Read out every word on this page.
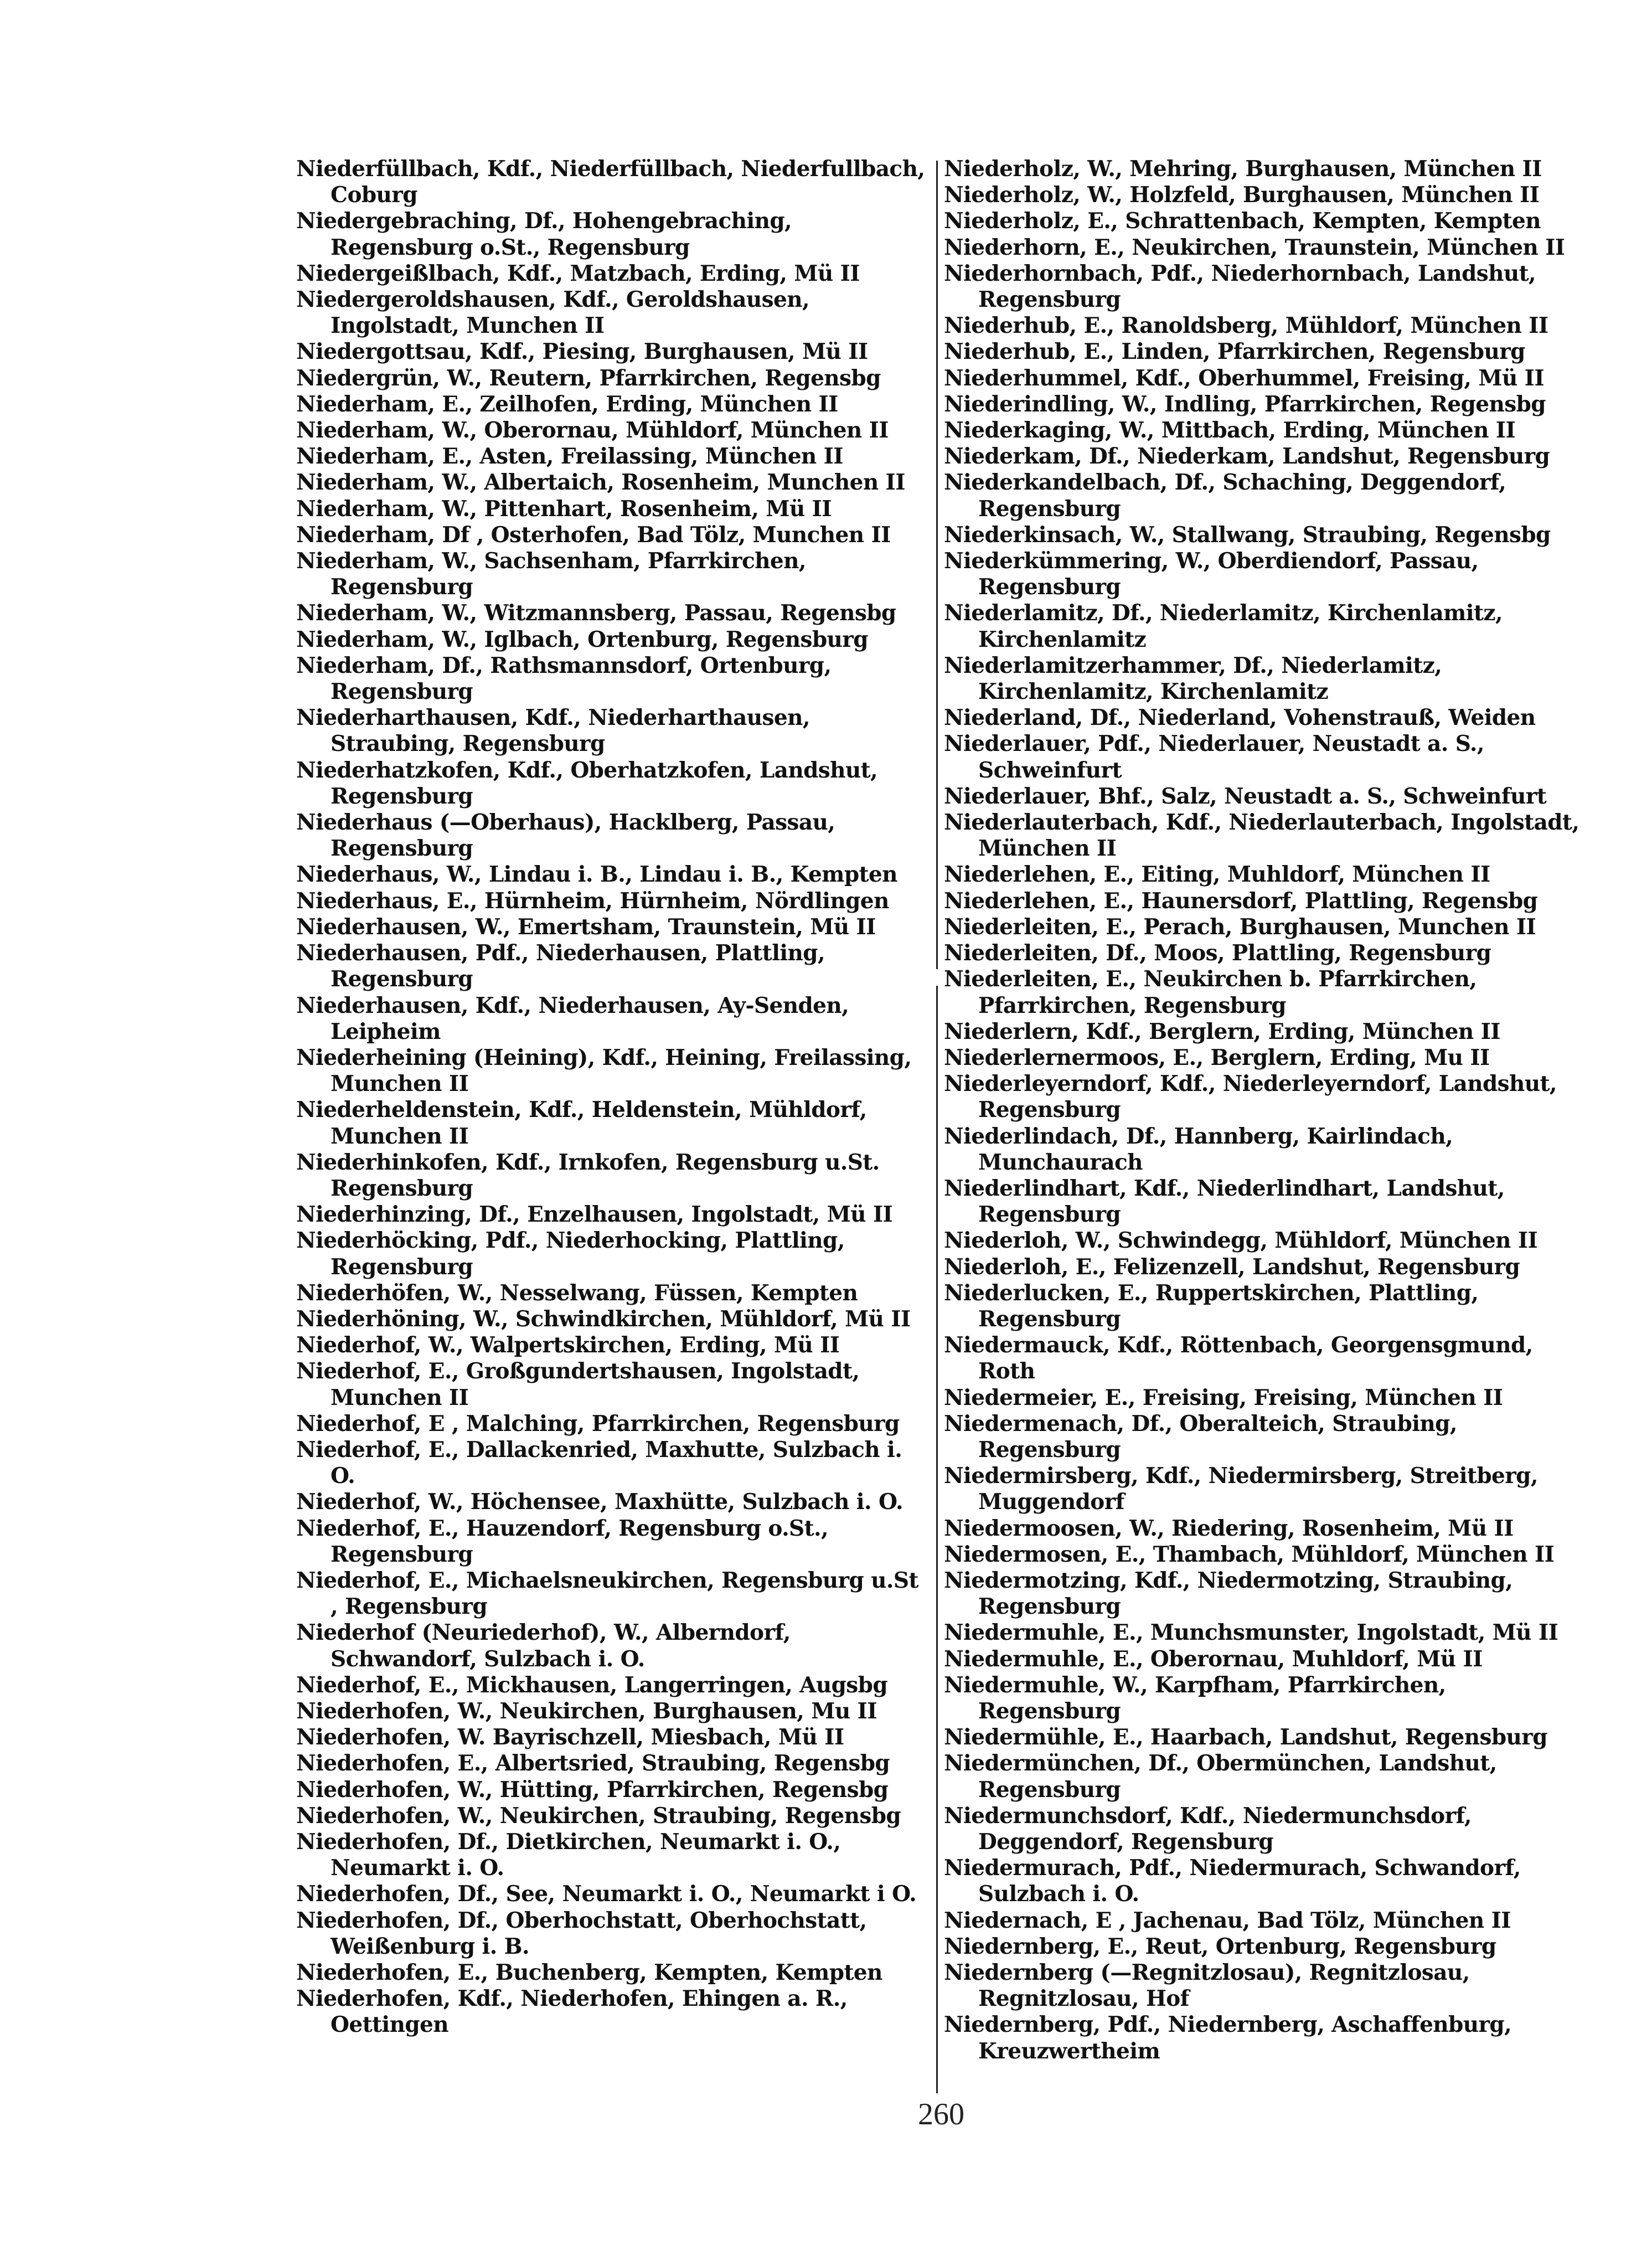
Niederfüllbach, Kdf., Niederfüllbach, Niederfullbach, Coburg

Niedergebraching, Df., Hohengebraching, Regensburg o.St., Regensburg

Niedergeißlbach, Kdf., Matzbach, Erding, Mü II

Niedergeroldshausen, Kdf., Geroldshausen, Ingolstadt, Munchen II

Niedergottsau, Kdf., Piesing, Burghausen, Mü II

Niedergrün, W., Reutern, Pfarrkirchen, Regensbg

Niederham, E., Zeilhofen, Erding, München II

Niederham, W., Oberornau, Mühldorf, München II

Niederham, E., Asten, Freilassing, München II

Niederham, W., Albertaich, Rosenheim, Munchen II

Niederham, W., Pittenhart, Rosenheim, Mü II

Niederham, Df , Osterhofen, Bad Tölz, Munchen II

Niederham, W., Sachsenham, Pfarrkirchen, Regensburg

Niederham, W., Witzmannsberg, Passau, Regensbg

Niederham, W., Iglbach, Ortenburg, Regensburg

Niederham, Df., Rathsmannsdorf, Ortenburg, Regensburg

Niederharthausen, Kdf., Niederharthausen, Straubing, Regensburg

Niederhatzkofen, Kdf., Oberhatzkofen, Landshut, Regensburg

Niederhaus (—Oberhaus), Hacklberg, Passau, Regensburg

Niederhaus, W., Lindau i. B., Lindau i. B., Kempten

Niederhaus, E., Hürnheim, Hürnheim, Nördlingen

Niederhausen, W., Emertsham, Traunstein, Mü II

Niederhausen, Pdf., Niederhausen, Plattling, Regensburg

Niederhausen, Kdf., Niederhausen, Ay-Senden, Leipheim

Niederheining (Heining), Kdf., Heining, Freilassing, Munchen II

Niederheldenstein, Kdf., Heldenstein, Mühldorf, Munchen II

Niederhinkofen, Kdf., Irnkofen, Regensburg u.St. Regensburg

Niederhinzing, Df., Enzelhausen, Ingolstadt, Mü II

Niederhöcking, Pdf., Niederhocking, Plattling, Regensburg

Niederhöfen, W., Nesselwang, Füssen, Kempten

Niederhöning, W., Schwindkirchen, Mühldorf, Mü II

Niederhof, W., Walpertskirchen, Erding, Mü II

Niederhof, E., Großgundertshausen, Ingolstadt, Munchen II

Niederhof, E , Malching, Pfarrkirchen, Regensburg

Niederhof, E., Dallackenried, Maxhutte, Sulzbach i. O.

Niederhof, W., Höchensee, Maxhütte, Sulzbach i. O.

Niederhof, E., Hauzendorf, Regensburg o.St., Regensburg

Niederhof, E., Michaelsneukirchen, Regensburg u.St , Regensburg

Niederhof (Neuriederhof), W., Alberndorf, Schwandorf, Sulzbach i. O.

Niederhof, E., Mickhausen, Langerringen, Augsbg

Niederhofen, W., Neukirchen, Burghausen, Mu II

Niederhofen, W. Bayrischzell, Miesbach, Mü II

Niederhofen, E., Albertsried, Straubing, Regensbg

Niederhofen, W., Hütting, Pfarrkirchen, Regensbg

Niederhofen, W., Neukirchen, Straubing, Regensbg

Niederhofen, Df., Dietkirchen, Neumarkt i. O., Neumarkt i. O.

Niederhofen, Df., See, Neumarkt i. O., Neumarkt i O.

Niederhofen, Df., Oberhochstatt, Oberhochstatt, Weißenburg i. B.

Niederhofen, E., Buchenberg, Kempten, Kempten

Niederhofen, Kdf., Niederhofen, Ehingen a. R., Oettingen

Niederholz, W., Mehring, Burghausen, München II

Niederholz, W., Holzfeld, Burghausen, München II

Niederholz, E., Schrattenbach, Kempten, Kempten

Niederhorn, E., Neukirchen, Traunstein, München II

Niederhornbach, Pdf., Niederhornbach, Landshut, Regensburg

Niederhub, E., Ranoldsberg, Mühldorf, München II

Niederhub, E., Linden, Pfarrkirchen, Regensburg

Niederhummel, Kdf., Oberhummel, Freising, Mü II

Niederindling, W., Indling, Pfarrkirchen, Regensbg

Niederkaging, W., Mittbach, Erding, München II

Niederkam, Df., Niederkam, Landshut, Regensburg

Niederkandelbach, Df., Schaching, Deggendorf, Regensburg

Niederkinsach, W., Stallwang, Straubing, Regensbg

Niederkümmering, W., Oberdiendorf, Passau, Regensburg

Niederlamitz, Df., Niederlamitz, Kirchenlamitz, Kirchenlamitz

Niederlamitzerhammer, Df., Niederlamitz, Kirchenlamitz, Kirchenlamitz

Niederland, Df., Niederland, Vohenstrauß, Weiden

Niederlauer, Pdf., Niederlauer, Neustadt a. S., Schweinfurt

Niederlauer, Bhf., Salz, Neustadt a. S., Schweinfurt

Niederlauterbach, Kdf., Niederlauterbach, Ingolstadt, München II

Niederlehen, E., Eiting, Muhldorf, München II

Niederlehen, E., Haunersdorf, Plattling, Regensbg

Niederleiten, E., Perach, Burghausen, Munchen II

Niederleiten, Df., Moos, Plattling, Regensburg

Niederleiten, E., Neukirchen b. Pfarrkirchen, Pfarrkirchen, Regensburg

Niederlern, Kdf., Berglern, Erding, München II

Niederlernermoos, E., Berglern, Erding, Mu II

Niederleyerndorf, Kdf., Niederleyerndorf, Landshut, Regensburg

Niederlindach, Df., Hannberg, Kairlindach, Munchaurach

Niederlindhart, Kdf., Niederlindhart, Landshut, Regensburg

Niederloh, W., Schwindegg, Mühldorf, München II

Niederloh, E., Felizenzell, Landshut, Regensburg

Niederlucken, E., Ruppertskirchen, Plattling, Regensburg

Niedermauck, Kdf., Röttenbach, Georgensgmund, Roth

Niedermeier, E., Freising, Freising, München II

Niedermenach, Df., Oberalteich, Straubing, Regensburg

Niedermirsberg, Kdf., Niedermirsberg, Streitberg, Muggendorf

Niedermoosen, W., Riedering, Rosenheim, Mü II

Niedermosen, E., Thambach, Mühldorf, München II

Niedermotzing, Kdf., Niedermotzing, Straubing, Regensburg

Niedermuhle, E., Munchsmunster, Ingolstadt, Mü II

Niedermuhle, E., Oberornau, Muhldorf, Mü II

Niedermuhle, W., Karpfham, Pfarrkirchen, Regensburg

Niedermühle, E., Haarbach, Landshut, Regensburg

Niedermünchen, Df., Obermünchen, Landshut, Regensburg

Niedermunchsdorf, Kdf., Niedermunchsdorf, Deggendorf, Regensburg

Niedermurach, Pdf., Niedermurach, Schwandorf, Sulzbach i. O.

Niedernach, E , Jachenau, Bad Tölz, München II

Niedernberg, E., Reut, Ortenburg, Regensburg

Niedernberg (—Regnitzlosau), Regnitzlosau, Regnitzlosau, Hof

Niedernberg, Pdf., Niedernberg, Aschaffenburg, Kreuzwertheim

260
